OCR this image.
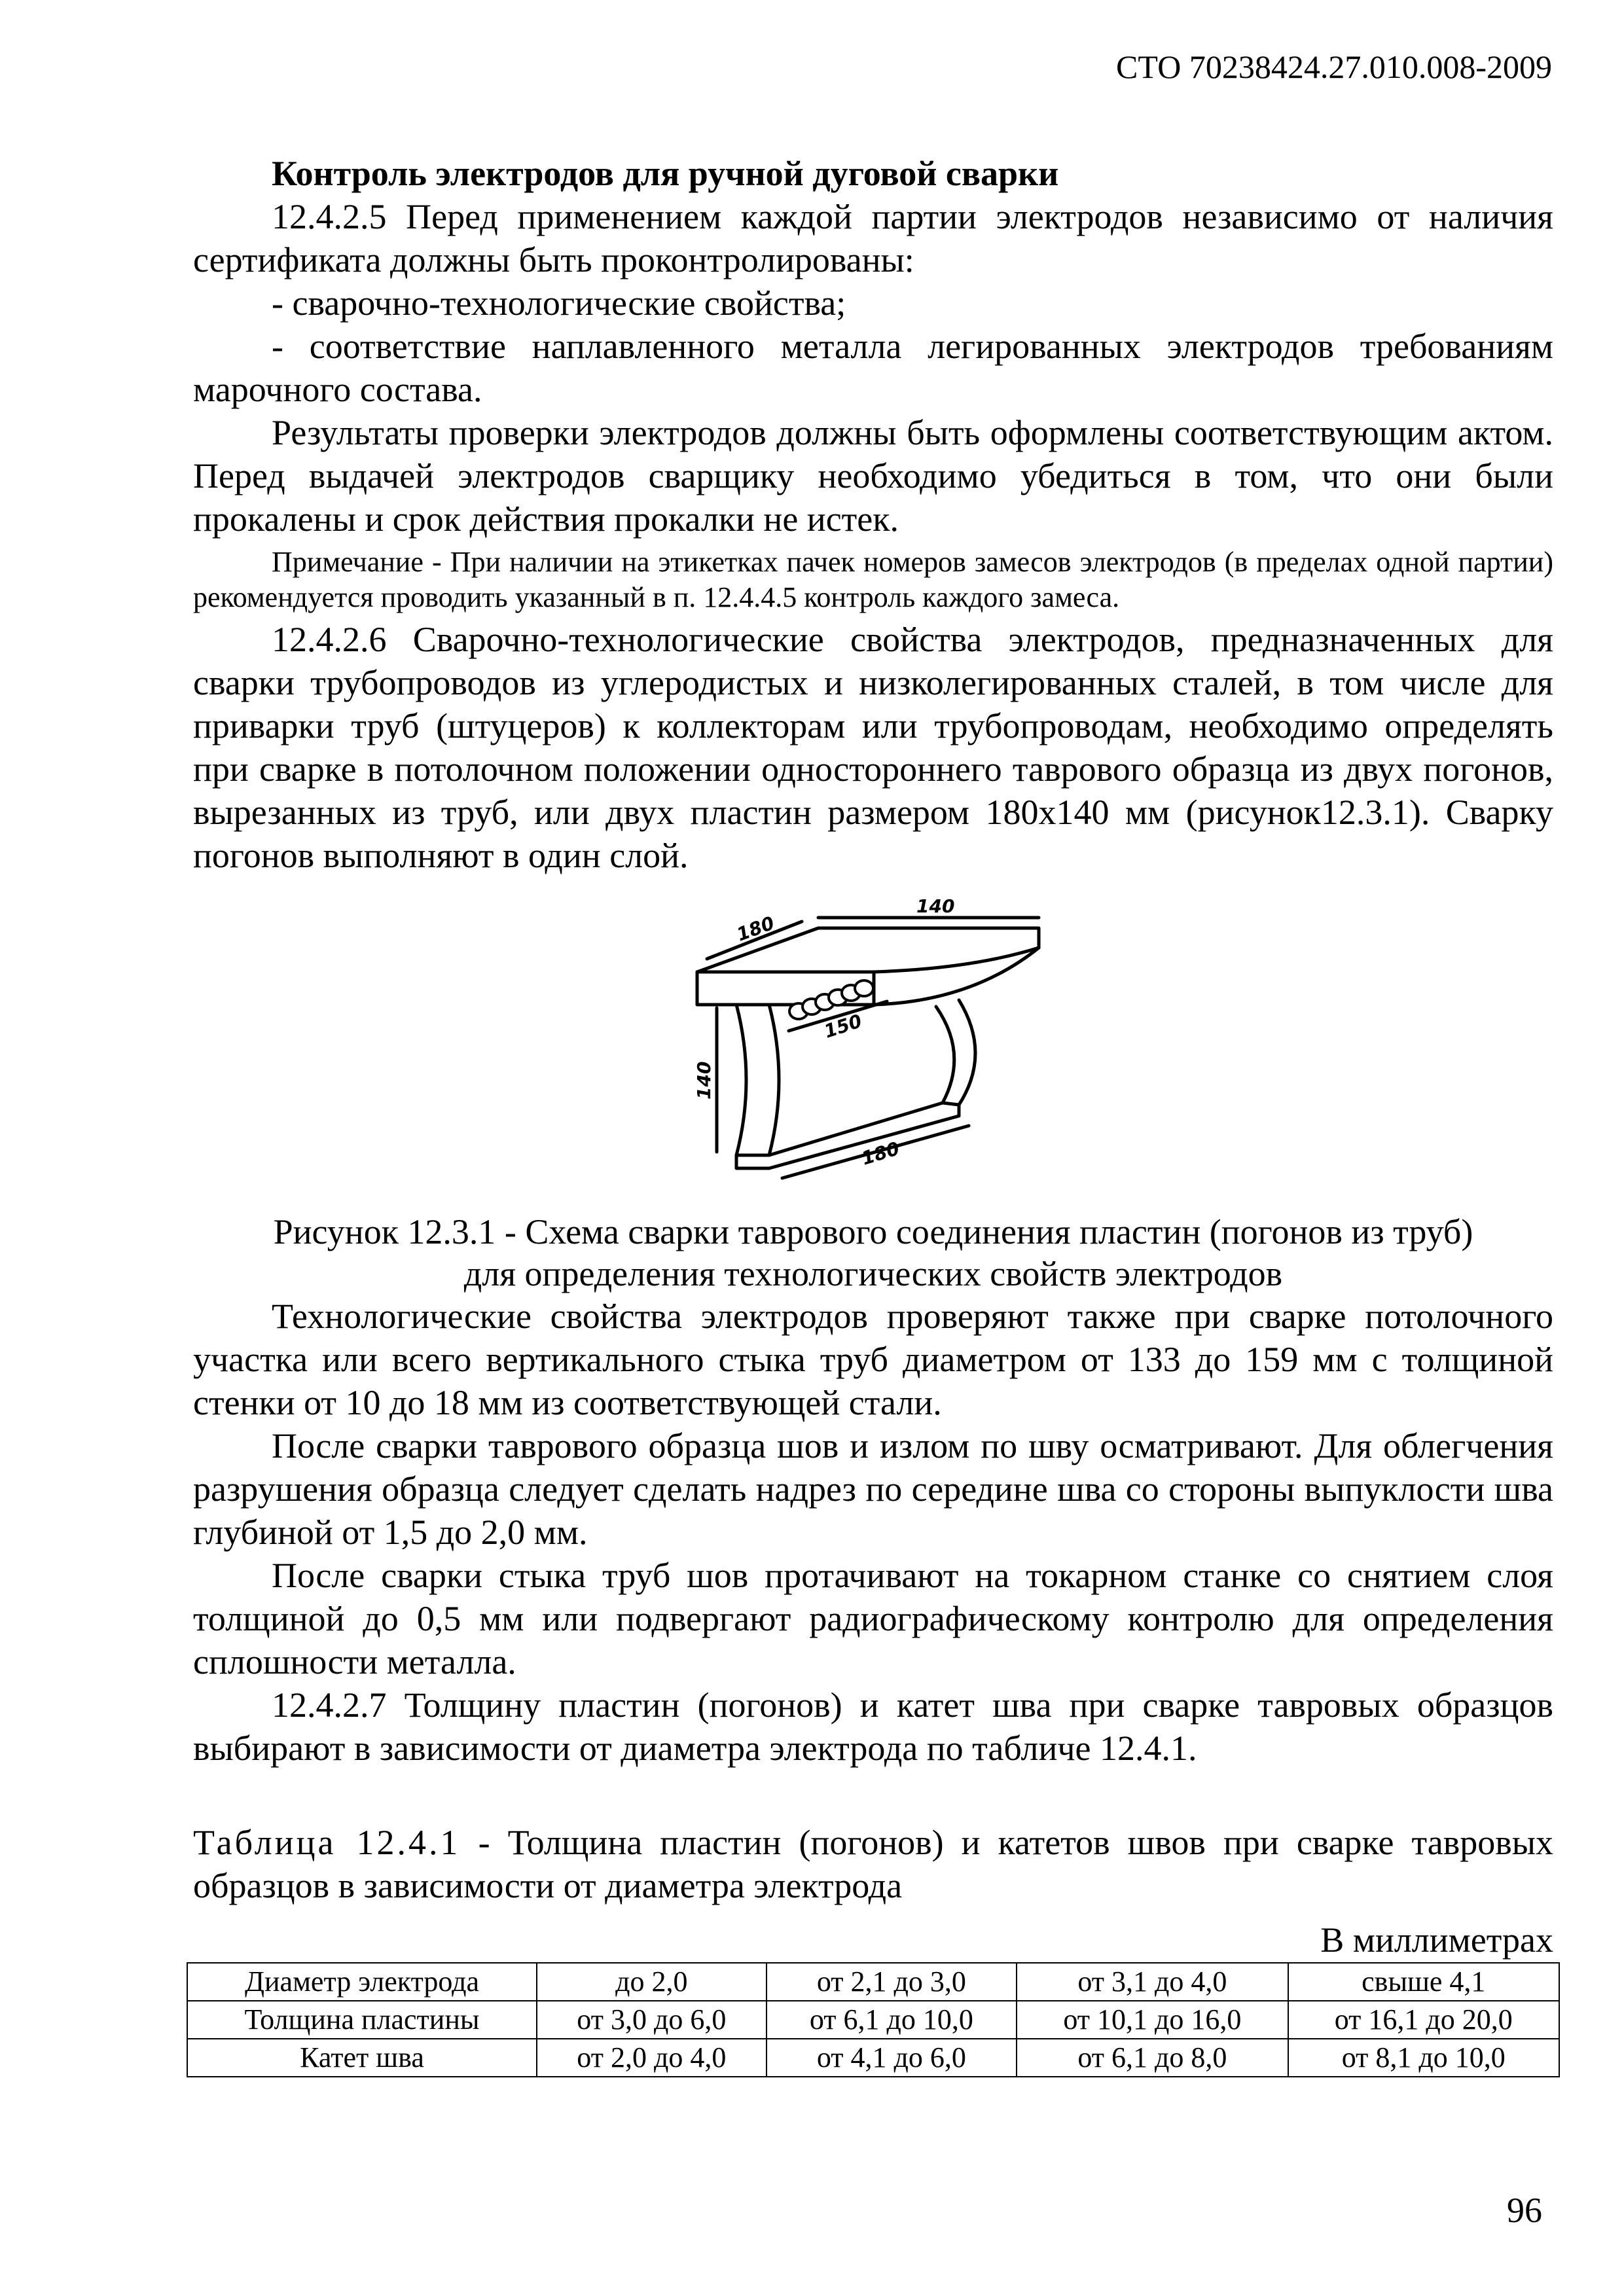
СТО 70238424.27.010.008-2009

Контроль электродов для ручной дуговой сварки

12.4.2.5 Перед применением каждой партии электродов независимо от наличия сертификата должны быть проконтролированы:

- сварочно-технологические свойства;

- соответствие наплавленного металла легированных электродов требованиям марочного состава.

Результаты проверки электродов должны быть оформлены соответствующим актом. Перед выдачей электродов сварщику необходимо убедиться в том, что они были прокалены и срок действия прокалки не истек.

Примечание - При наличии на этикетках пачек номеров замесов электродов (в пределах одной партии) рекомендуется проводить указанный в п. 12.4.4.5 контроль каждого замеса.

12.4.2.6 Сварочно-технологические свойства электродов, предназначенных для сварки трубопроводов из углеродистых и низколегированных сталей, в том числе для приварки труб (штуцеров) к коллекторам или трубопроводам, необходимо определять при сварке в потолочном положении одностороннего таврового образца из двух погонов, вырезанных из труб, или двух пластин размером 180х140 мм (рисунок12.3.1). Сварку погонов выполняют в один слой.

180
140
150
140
180

Рисунок 12.3.1 - Схема сварки таврового соединения пластин (погонов из труб)

для определения технологических свойств электродов

Технологические свойства электродов проверяют также при сварке потолочного участка или всего вертикального стыка труб диаметром от 133 до 159 мм с толщиной стенки от 10 до 18 мм из соответствующей стали.

После сварки таврового образца шов и излом по шву осматривают. Для облегчения разрушения образца следует сделать надрез по середине шва со стороны выпуклости шва глубиной от 1,5 до 2,0 мм.

После сварки стыка труб шов протачивают на токарном станке со снятием слоя толщиной до 0,5 мм или подвергают радиографическому контролю для определения сплошности металла.

12.4.2.7 Толщину пластин (погонов) и катет шва при сварке тавровых образцов выбирают в зависимости от диаметра электрода по табличе 12.4.1.

Таблица 12.4.1 - Толщина пластин (погонов) и катетов швов при сварке тавровых образцов в зависимости от диаметра электрода

В миллиметрах

Диаметр электрода	до 2,0	от 2,1 до 3,0	от 3,1 до 4,0	свыше 4,1
Толщина пластины	от 3,0 до 6,0	от 6,1 до 10,0	от 10,1 до 16,0	от 16,1 до 20,0
Катет шва	от 2,0 до 4,0	от 4,1 до 6,0	от 6,1 до 8,0	от 8,1 до 10,0
96
